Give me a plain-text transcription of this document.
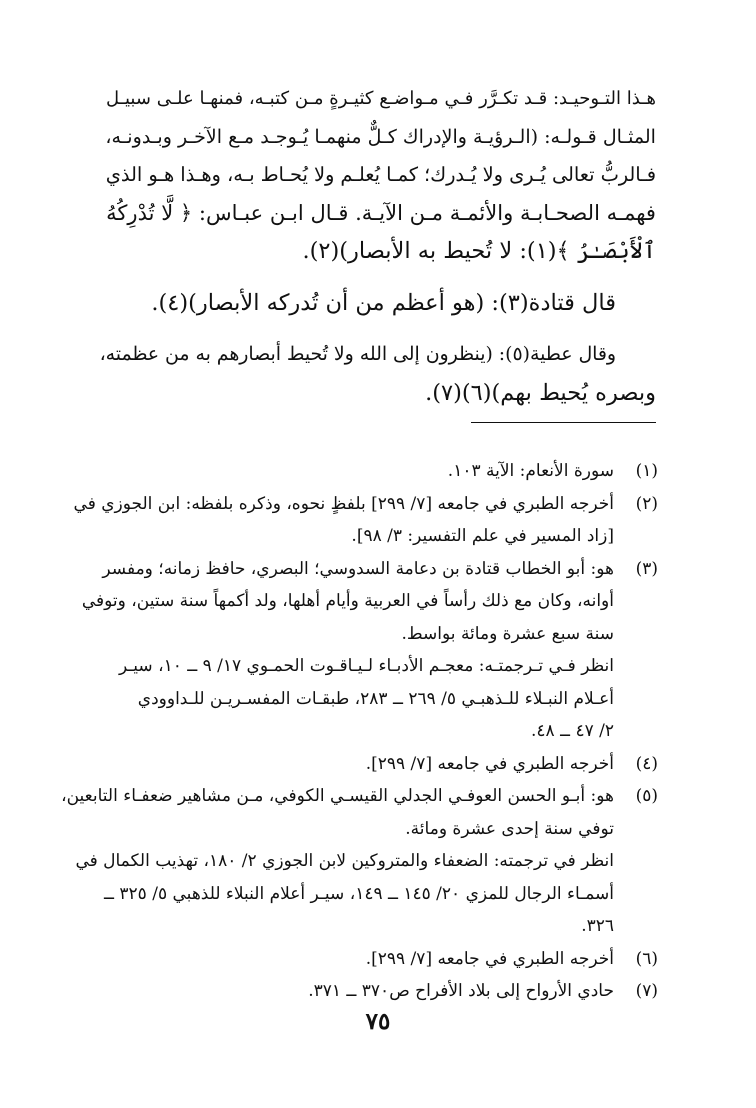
هـذا التـوحيـد: قـد تكـرَّر فـي مـواضـع كثيـرةٍ مـن كتبـه، فمنهـا علـى سبيـل
المثـال قـولـه: (الـرؤيـة والإدراك كـلٌّ منهمـا يُـوجـد مـع الآخـر وبـدونـه،
فـالربُّ تعالى يُـرى ولا يُـدرك؛ كمـا يُعلـم ولا يُحـاط بـه، وهـذا هـو الذي
فهمـه الصحـابـة والأئمـة مـن الآيـة. قـال ابـن عبـاس: ﴿ لَّا تُدْرِكُهُ
ٱلْأَبْصَـٰرُ ﴾(١): لا تُحيط به الأبصار)(٢).
قال قتادة(٣): (هو أعظم من أن تُدركه الأبصار)(٤).
وقال عطية(٥): (ينظرون إلى الله ولا تُحيط أبصارهم به من عظمته،
وبصره يُحيط بهم)(٦)(٧).
(١)
سورة الأنعام: الآية ١٠٣.
(٢)
أخرجه الطبري في جامعه [٧/ ٢٩٩] بلفظٍ نحوه، وذكره بلفظه: ابن الجوزي في
[زاد المسير في علم التفسير: ٣/ ٩٨].
(٣)
هو: أبو الخطاب قتادة بن دعامة السدوسي؛ البصري، حافظ زمانه؛ ومفسر
أوانه، وكان مع ذلك رأساً في العربية وأيام أهلها، ولد أكمهاً سنة ستين، وتوفي
سنة سبع عشرة ومائة بواسط.
انظر فـي تـرجمتـه: معجـم الأدبـاء لـيـاقـوت الحمـوي ١٧/ ٩ ــ ١٠، سيـر
أعـلام النبـلاء للـذهبـي ٥/ ٢٦٩ ــ ٢٨٣، طبقـات المفسـريـن للـداوودي
٢/ ٤٧ ــ ٤٨.
(٤)
أخرجه الطبري في جامعه [٧/ ٢٩٩].
(٥)
هو: أبـو الحسن العوفـي الجدلي القيسـي الكوفي، مـن مشاهير ضعفـاء التابعين،
توفي سنة إحدى عشرة ومائة.
انظر في ترجمته: الضعفاء والمتروكين لابن الجوزي ٢/ ١٨٠، تهذيب الكمال في
أسمـاء الرجال للمزي ٢٠/ ١٤٥ ــ ١٤٩، سيـر أعلام النبلاء للذهبي ٥/ ٣٢٥ ــ
٣٢٦.
(٦)
أخرجه الطبري في جامعه [٧/ ٢٩٩].
(٧)
حادي الأرواح إلى بلاد الأفراح ص٣٧٠ ــ ٣٧١.
٧٥
